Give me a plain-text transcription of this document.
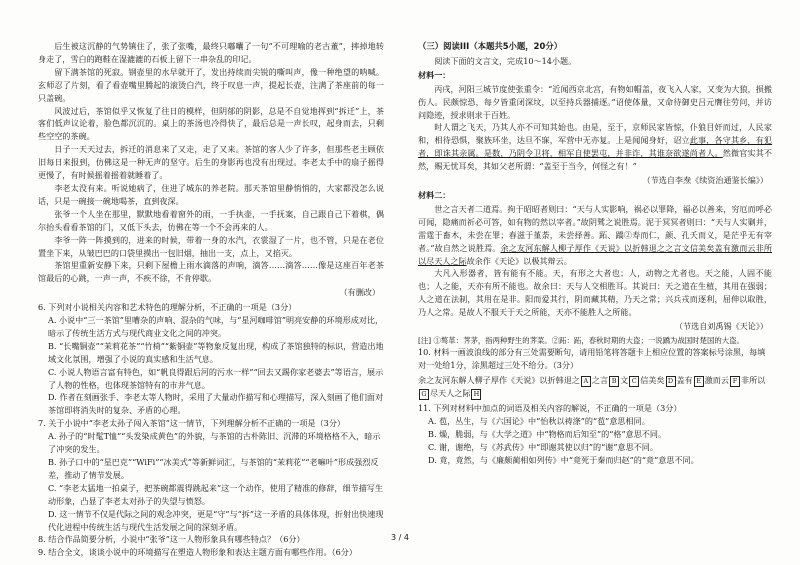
后生被这沉静的气势镇住了，张了张嘴，最终只嘟囔了一句“不可理喻的老古董”，摔掉地转身走了，雪白的跑鞋在湿漉漉的石板上留下一串杂乱的印记。

留下满茶馆的死寂。钢壶里的水早就开了，发出持续而尖锐的嘶叫声，像一种绝望的呐喊。玄师忍了片刻，看了看壶嘴里腾起的滚烫白汽，终于叹息一声，提起长壶，注满了茶座前的每一只盖碗。

风波过后，茶馆似乎又恢复了往日的模样，但阴郁的阴影，总是不自觉地挥到“拆迁”上，茶客们低声议论着，脸色都沉沉的。桌上的茶汤也冷得快了，最后总是一声长叹，起身而去，只剩些空空的茶碗。

日子一天天过去，拆迁的消息来了又走，走了又来。茶馆的客人少了许多，但那些老主顾依旧每日来报到，仿佛这是一种无声的坚守。后生的身影再也没有出现过。李老太手中的扇子摇得更慢了，有时候摇着摇着就睡着了。

李老太没有来。听说她病了，住进了城东的养老院。那天茶馆里静悄悄的，大家都没怎么说话，只是一碗接一碗地喝茶，直到夜深。

张爷一个人坐在那里，默默地看着窗外的雨，一手执壶，一手抚案，自己跟自己下着棋，偶尔抬头看看茶馆的门，又低下头去，仿佛在等一个不会再来的人。

李爷一阵一阵摸到的，进来的时候，带着一身的水汽，衣裳湿了一片，也不管，只是在老位置坐下来，从皱巴巴的口袋里摸出一包旧烟，抽出一支，点上，又掐灭。

茶馆里重新安静下来，只剩下屋檐上雨水滴落的声响，滴答……滴答……像是这座百年老茶馆最后的心跳，一声一声，不疾不徐，不肯停歇。

（有删改）
6. 下列对小说相关内容和艺术特色的理解分析，不正确的一项是（3分）
A. 小说中“三一茶馆”里嘈杂的声响、混杂的气味，与“星河咖啡馆”明亮安静的环境形成对比，暗示了传统生活方式与现代商业文化之间的冲突。
B. “长嘴铜壶”“茉莉花茶”“竹椅”“紫铜壶”等物象反复出现，构成了茶馆独特的标识，营造出地域文化氛围，增强了小说的真实感和生活气息。
C. 小说人物语言富有特色，如“帆良得跟后河的污水一样”“回去又踢你家老婆去”等语言，展示了人物的性格，也体现茶馆特有的市井气息。
D. 作者在刻画张手、李老太等人物时，采用了大量动作描写和心理描写，深入刻画了他们面对茶馆即将消失时的复杂、矛盾的心理。
7. 关于小说中“李老太孙子闯入茶馆”这一情节，下列理解分析不正确的一项是（3分）
A. 孙子的“时髦T恤”“头发染成黄色”的外貌，与茶馆的古朴陈旧、沉滞的环境格格不入，暗示了冲突的发生。
B. 孙子口中的“星巴克”“WiFi”“冰美式”等新鲜词汇，与茶馆的“茉莉花”“老嘛叶”形成强烈反差，推动了情节发展。
C. “李老太猛地一拍桌子，把茶碗都震得跳起来”这一个动作，使用了精准的修辞，细节描写生动形象，凸显了李老太对孙子的失望与愤怒。
D. 这一情节不仅是代际之间的观念冲突，更是“守”与“拆”这一矛盾的具体体现，折射出快速现代化进程中传统生活与现代生活发展之间的深刻矛盾。
8. 结合作品简要分析，小说中“张爷”这一人物形象具有哪些特点？（6分）
9. 结合全文，谈谈小说中的环境描写在塑造人物形象和表达主题方面有哪些作用。（6分）
（三）阅读III（本题共5小题，20分）

阅读下面的文言文，完成10～14小题。

材料一：

丙戌，河阳三城节度使张重令：“近闻西京北宫，有物如帽盖，夜飞入人家，又变为大狼，损搬伤人。民颇惊恐，每夕皆重闭深坟，以至持兵器捕逐。”诏使体量，又命待御史吕元膺往劳问，并访问隐迹，授求则求于百姓。

时人谓之飞天，乃其人亦不可知其始也。由是，至于，京师民家皆惊，仆狼目奸而过，人民家和，相待恐惧，聚族环坐，达旦不寐，军营中无亦复。上是闻闻身好，诏立此事，各守其乡，有犯者，即诛其亲属。是数，乃阴令卫将，相军自使罢屯，并非诈，其谁奈欲遂尚者人。然微官实其不然，赐无忧耳矣，其如父老所谓：“盖至于当今，何怪之有！”

（节选自李焘《续资治通鉴长编》）
材料二：

世之言天者二道焉。拘于昭昭者则曰：“天与人实影响，祸必以罪降，福必以善来，穷厄而呼必可闻，隐痛而祈必可答，如有物的然以宰者。”故阴骘之说胜焉。泥于冥冥者则曰：“天与人实剿并，雷霆于畜木，未尝在罪；春滋于堇荼，未尝择善。跖、蹻②寿而仁，颜、孔夭而义，是茫乎无有宰者。”故自然之说胜焉。余之友河东解人柳子厚作《天说》以折韩退之之言文信美矣盖有激而云非所以尽天人之际故余作《天论》以极其辩云。

大凡入形器者，皆有能有不能。天，有形之大者也；人，动物之尤者也。天之能，人固不能也；人之能，天亦有所不能也。故余曰：天与人交相胜耳。其说曰：天之道在生植，其用在强弱；人之道在法制，其用在是非。阳而爱其行，阴而藏其精，乃天之常；兴兵戎而逐利，屈伸以取胜，乃人之常。是故人不服天于天之所能，天亦不能胜人之所能。

（节选自刘禹锡《天论》）
[注] ①骜革：荠茅，指两种野生的荠菜。②跖：跖，春秋时期的大盗；一说蹻为战国时楚国的大盗。
10. 材料一画波浪线的部分有三处需要断句，请用铅笔将答题卡上相应位置的答案标号涂黑，每填对一处给1分，涂黑超过三处不给分。（3分）
余之友河东解人柳子厚作《天说》以折韩退之 A 之言 B 文 C 信美矣 D 盖有 E 激而云 F 非所以G 尽天人之际 H
11. 下列对材料中加点的词语及相关内容的解说，不正确的一项是（3分）
A. 苞，丛生，与《六国论》中“怡秋以祷涤”的“苞”意思相同。
B. 燥，脆弱，与《大学之道》中“物格而后知至”的“格”意思不同。
C. 谢，谢绝，与《苏武传》中“即谢其使以归”的“谢”意思不同。
D. 竟，竟然，与《廉颇蔺相如列传》中“竟死于秦而归赵”的“竟”意思不同。
3 / 4
